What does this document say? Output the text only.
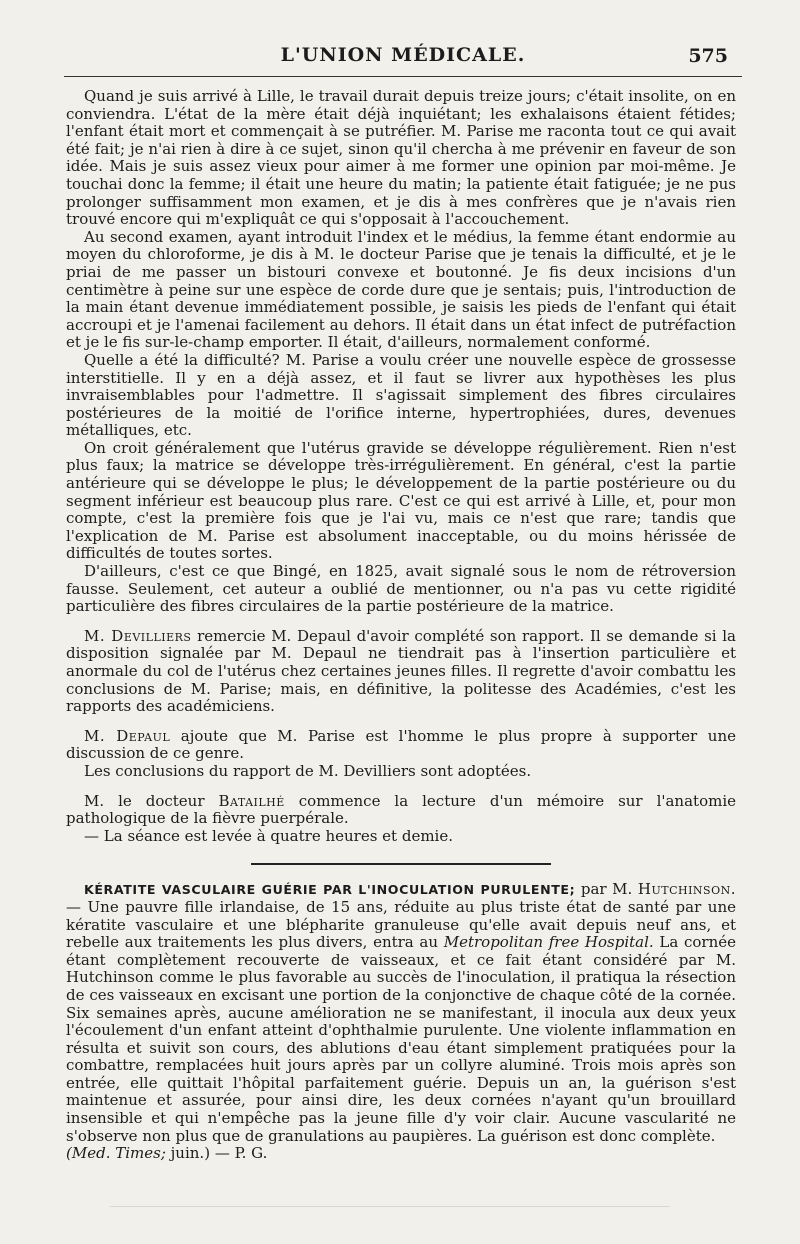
L'UNION MÉDICALE.	575

Quand je suis arrivé à Lille, le travail durait depuis treize jours; c'était insolite, on en conviendra. L'état de la mère était déjà inquiétant; les exhalaisons étaient fétides; l'enfant était mort et commençait à se putréfier. M. Parise me raconta tout ce qui avait été fait; je n'ai rien à dire à ce sujet, sinon qu'il chercha à me prévenir en faveur de son idée. Mais je suis assez vieux pour aimer à me former une opinion par moi-même. Je touchai donc la femme; il était une heure du matin; la patiente était fatiguée; je ne pus prolonger suffisamment mon examen, et je dis à mes confrères que je n'avais rien trouvé encore qui m'expliquât ce qui s'opposait à l'accouchement.

Au second examen, ayant introduit l'index et le médius, la femme étant endormie au moyen du chloroforme, je dis à M. le docteur Parise que je tenais la difficulté, et je le priai de me passer un bistouri convexe et boutonné. Je fis deux incisions d'un centimètre à peine sur une espèce de corde dure que je sentais; puis, l'introduction de la main étant devenue immédiatement possible, je saisis les pieds de l'enfant qui était accroupi et je l'amenai facilement au dehors. Il était dans un état infect de putréfaction et je le fis sur-le-champ emporter. Il était, d'ailleurs, normalement conformé.

Quelle a été la difficulté? M. Parise a voulu créer une nouvelle espèce de grossesse interstitielle. Il y en a déjà assez, et il faut se livrer aux hypothèses les plus invraisemblables pour l'admettre. Il s'agissait simplement des fibres circulaires postérieures de la moitié de l'orifice interne, hypertrophiées, dures, devenues métalliques, etc.

On croit généralement que l'utérus gravide se développe régulièrement. Rien n'est plus faux; la matrice se développe très-irrégulièrement. En général, c'est la partie antérieure qui se développe le plus; le développement de la partie postérieure ou du segment inférieur est beaucoup plus rare. C'est ce qui est arrivé à Lille, et, pour mon compte, c'est la première fois que je l'ai vu, mais ce n'est que rare; tandis que l'explication de M. Parise est absolument inacceptable, ou du moins hérissée de difficultés de toutes sortes.

D'ailleurs, c'est ce que Bingé, en 1825, avait signalé sous le nom de rétroversion fausse. Seulement, cet auteur a oublié de mentionner, ou n'a pas vu cette rigidité particulière des fibres circulaires de la partie postérieure de la matrice.

M. Devilliers remercie M. Depaul d'avoir complété son rapport. Il se demande si la disposition signalée par M. Depaul ne tiendrait pas à l'insertion particulière et anormale du col de l'utérus chez certaines jeunes filles. Il regrette d'avoir combattu les conclusions de M. Parise; mais, en définitive, la politesse des Académies, c'est les rapports des académiciens.

M. Depaul ajoute que M. Parise est l'homme le plus propre à supporter une discussion de ce genre.

Les conclusions du rapport de M. Devilliers sont adoptées.

M. le docteur Batailhé commence la lecture d'un mémoire sur l'anatomie pathologique de la fièvre puerpérale.

— La séance est levée à quatre heures et demie.

KÉRATITE VASCULAIRE GUÉRIE PAR L'INOCULATION PURULENTE; par M. Hutchinson. — Une pauvre fille irlandaise, de 15 ans, réduite au plus triste état de santé par une kératite vasculaire et une blépharite granuleuse qu'elle avait depuis neuf ans, et rebelle aux traitements les plus divers, entra au Metropolitan free Hospital. La cornée étant complètement recouverte de vaisseaux, et ce fait étant considéré par M. Hutchinson comme le plus favorable au succès de l'inoculation, il pratiqua la résection de ces vaisseaux en excisant une portion de la conjonctive de chaque côté de la cornée. Six semaines après, aucune amélioration ne se manifestant, il inocula aux deux yeux l'écoulement d'un enfant atteint d'ophthalmie purulente. Une violente inflammation en résulta et suivit son cours, des ablutions d'eau étant simplement pratiquées pour la combattre, remplacées huit jours après par un collyre aluminé. Trois mois après son entrée, elle quittait l'hôpital parfaitement guérie. Depuis un an, la guérison s'est maintenue et assurée, pour ainsi dire, les deux cornées n'ayant qu'un brouillard insensible et qui n'empêche pas la jeune fille d'y voir clair. Aucune vascularité ne s'observe non plus que de granulations au paupières. La guérison est donc complète.
(Med. Times; juin.) — P. G.
